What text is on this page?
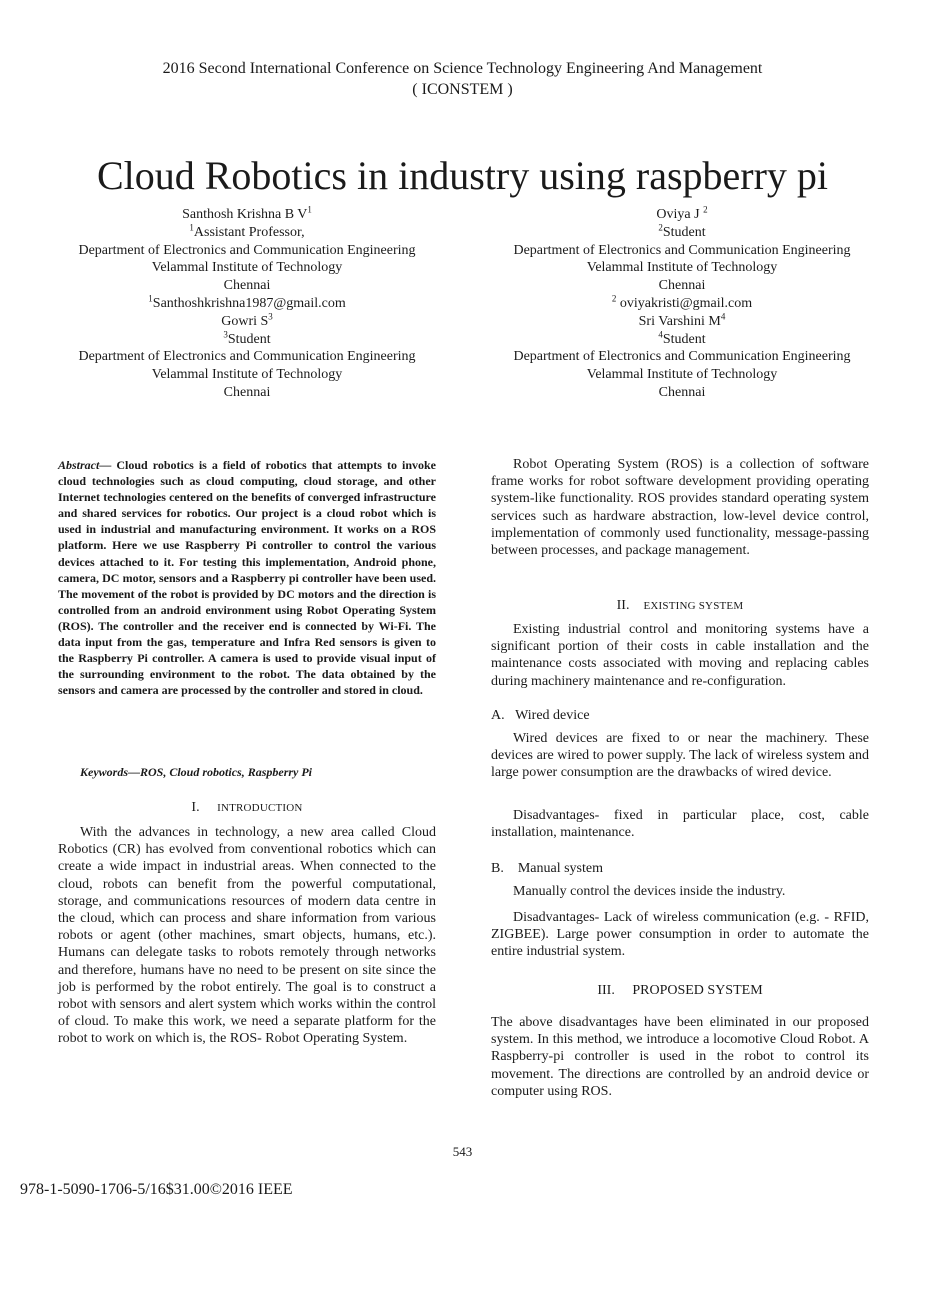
2016 Second International Conference on Science Technology Engineering And Management
( ICONSTEM )
Cloud Robotics in industry using raspberry pi
Santhosh Krishna B $V^1$
$^1$Assistant Professor,
Department of Electronics and Communication Engineering
Velammal Institute of Technology
Chennai
$^1$Santhoshkrishna1987@gmail.com
Gowri $S^3$
$^3$Student
Department of Electronics and Communication Engineering
Velammal Institute of Technology
Chennai
Oviya J $^2$
$^2$Student
Department of Electronics and Communication Engineering
Velammal Institute of Technology
Chennai
$^2$ oviyakristi@gmail.com
Sri Varshini $M^4$
$^4$Student
Department of Electronics and Communication Engineering
Velammal Institute of Technology
Chennai
Abstract— Cloud robotics is a field of robotics that attempts to invoke cloud technologies such as cloud computing, cloud storage, and other Internet technologies centered on the benefits of converged infrastructure and shared services for robotics. Our project is a cloud robot which is used in industrial and manufacturing environment. It works on a ROS platform. Here we use Raspberry Pi controller to control the various devices attached to it. For testing this implementation, Android phone, camera, DC motor, sensors and a Raspberry pi controller have been used. The movement of the robot is provided by DC motors and the direction is controlled from an android environment using Robot Operating System (ROS). The controller and the receiver end is connected by Wi-Fi. The data input from the gas, temperature and Infra Red sensors is given to the Raspberry Pi controller. A camera is used to provide visual input of the surrounding environment to the robot. The data obtained by the sensors and camera are processed by the controller and stored in cloud.
Keywords—ROS, Cloud robotics, Raspberry Pi
I. INTRODUCTION

With the advances in technology, a new area called Cloud Robotics (CR) has evolved from conventional robotics which can create a wide impact in industrial areas. When connected to the cloud, robots can benefit from the powerful computational, storage, and communications resources of modern data centre in the cloud, which can process and share information from various robots or agent (other machines, smart objects, humans, etc.). Humans can delegate tasks to robots remotely through networks and therefore, humans have no need to be present on site since the job is performed by the robot entirely. The goal is to construct a robot with sensors and alert system which works within the control of cloud. To make this work, we need a separate platform for the robot to work on which is, the ROS- Robot Operating System.

Robot Operating System (ROS) is a collection of software frame works for robot software development providing operating system-like functionality. ROS provides standard operating system services such as hardware abstraction, low-level device control, implementation of commonly used functionality, message-passing between processes, and package management.

II. EXISTING SYSTEM

Existing industrial control and monitoring systems have a significant portion of their costs in cable installation and the maintenance costs associated with moving and replacing cables during machinery maintenance and re-configuration.

A. Wired device

Wired devices are fixed to or near the machinery. These devices are wired to power supply. The lack of wireless system and large power consumption are the drawbacks of wired device.

Disadvantages- fixed in particular place, cost, cable installation, maintenance.

B. Manual system

Manually control the devices inside the industry.

Disadvantages- Lack of wireless communication (e.g. - RFID, ZIGBEE). Large power consumption in order to automate the entire industrial system.

III. PROPOSED SYSTEM

The above disadvantages have been eliminated in our proposed system. In this method, we introduce a locomotive Cloud Robot. A Raspberry-pi controller is used in the robot to control its movement. The directions are controlled by an android device or computer using ROS.

543
978-1-5090-1706-5/16$31.00©2016 IEEE
